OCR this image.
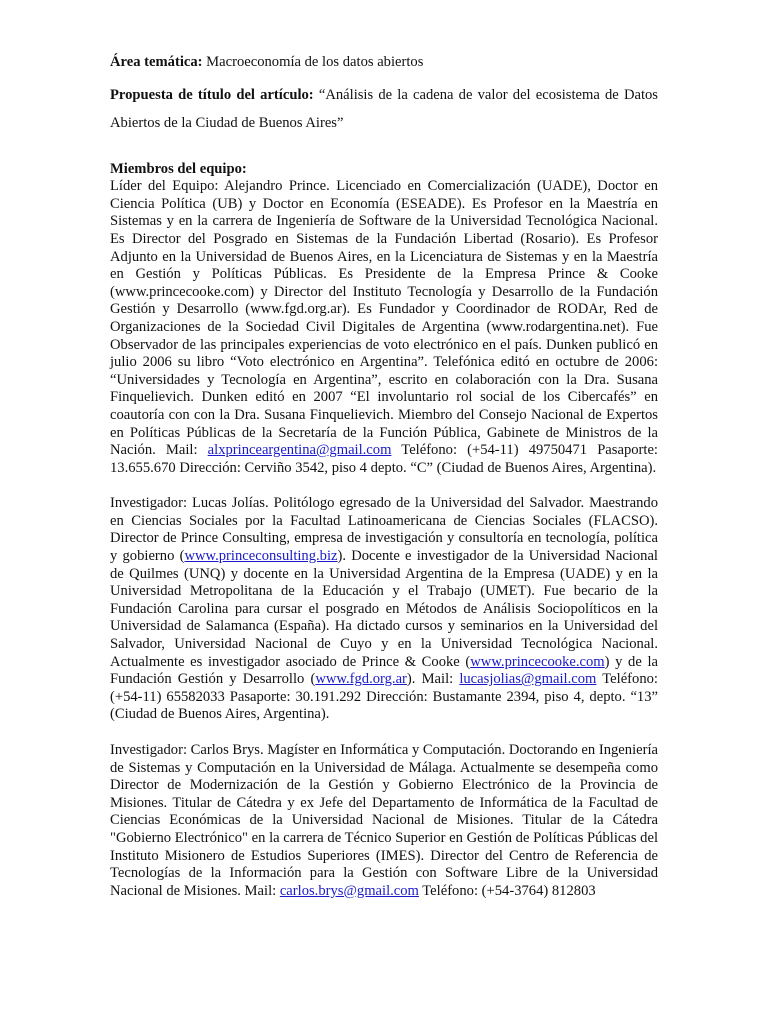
Área temática: Macroeconomía de los datos abiertos

Propuesta de título del artículo: “Análisis de la cadena de valor del ecosistema de Datos Abiertos de la Ciudad de Buenos Aires”

Miembros del equipo:

Líder del Equipo: Alejandro Prince. Licenciado en Comercialización (UADE), Doctor en Ciencia Política (UB) y Doctor en Economía (ESEADE). Es Profesor en la Maestría en Sistemas y en la carrera de Ingeniería de Software de la Universidad Tecnológica Nacional. Es Director del Posgrado en Sistemas de la Fundación Libertad (Rosario). Es Profesor Adjunto en la Universidad de Buenos Aires, en la Licenciatura de Sistemas y en la Maestría en Gestión y Políticas Públicas. Es Presidente de la Empresa Prince & Cooke (www.princecooke.com) y Director del Instituto Tecnología y Desarrollo de la Fundación Gestión y Desarrollo (www.fgd.org.ar). Es Fundador y Coordinador de RODAr, Red de Organizaciones de la Sociedad Civil Digitales de Argentina (www.rodargentina.net). Fue Observador de las principales experiencias de voto electrónico en el país. Dunken publicó en julio 2006 su libro “Voto electrónico en Argentina”. Telefónica editó en octubre de 2006: “Universidades y Tecnología en Argentina”, escrito en colaboración con la Dra. Susana Finquelievich. Dunken editó en 2007 “El involuntario rol social de los Cibercafés” en coautoría con con la Dra. Susana Finquelievich. Miembro del Consejo Nacional de Expertos en Políticas Públicas de la Secretaría de la Función Pública, Gabinete de Ministros de la Nación. Mail: alxprinceargentina@gmail.com Teléfono: (+54-11) 49750471 Pasaporte: 13.655.670 Dirección: Cerviño 3542, piso 4 depto. “C” (Ciudad de Buenos Aires, Argentina).

Investigador: Lucas Jolías. Politólogo egresado de la Universidad del Salvador. Maestrando en Ciencias Sociales por la Facultad Latinoamericana de Ciencias Sociales (FLACSO). Director de Prince Consulting, empresa de investigación y consultoría en tecnología, política y gobierno (www.princeconsulting.biz). Docente e investigador de la Universidad Nacional de Quilmes (UNQ) y docente en la Universidad Argentina de la Empresa (UADE) y en la Universidad Metropolitana de la Educación y el Trabajo (UMET). Fue becario de la Fundación Carolina para cursar el posgrado en Métodos de Análisis Sociopolíticos en la Universidad de Salamanca (España). Ha dictado cursos y seminarios en la Universidad del Salvador, Universidad Nacional de Cuyo y en la Universidad Tecnológica Nacional. Actualmente es investigador asociado de Prince & Cooke (www.princecooke.com) y de la Fundación Gestión y Desarrollo (www.fgd.org.ar). Mail: lucasjolias@gmail.com Teléfono: (+54-11) 65582033 Pasaporte: 30.191.292 Dirección: Bustamante 2394, piso 4, depto. “13” (Ciudad de Buenos Aires, Argentina).

Investigador: Carlos Brys. Magíster en Informática y Computación. Doctorando en Ingeniería de Sistemas y Computación en la Universidad de Málaga. Actualmente se desempeña como Director de Modernización de la Gestión y Gobierno Electrónico de la Provincia de Misiones. Titular de Cátedra y ex Jefe del Departamento de Informática de la Facultad de Ciencias Económicas de la Universidad Nacional de Misiones. Titular de la Cátedra "Gobierno Electrónico" en la carrera de Técnico Superior en Gestión de Políticas Públicas del Instituto Misionero de Estudios Superiores (IMES). Director del Centro de Referencia de Tecnologías de la Información para la Gestión con Software Libre de la Universidad Nacional de Misiones. Mail: carlos.brys@gmail.com Teléfono: (+54-3764) 812803
